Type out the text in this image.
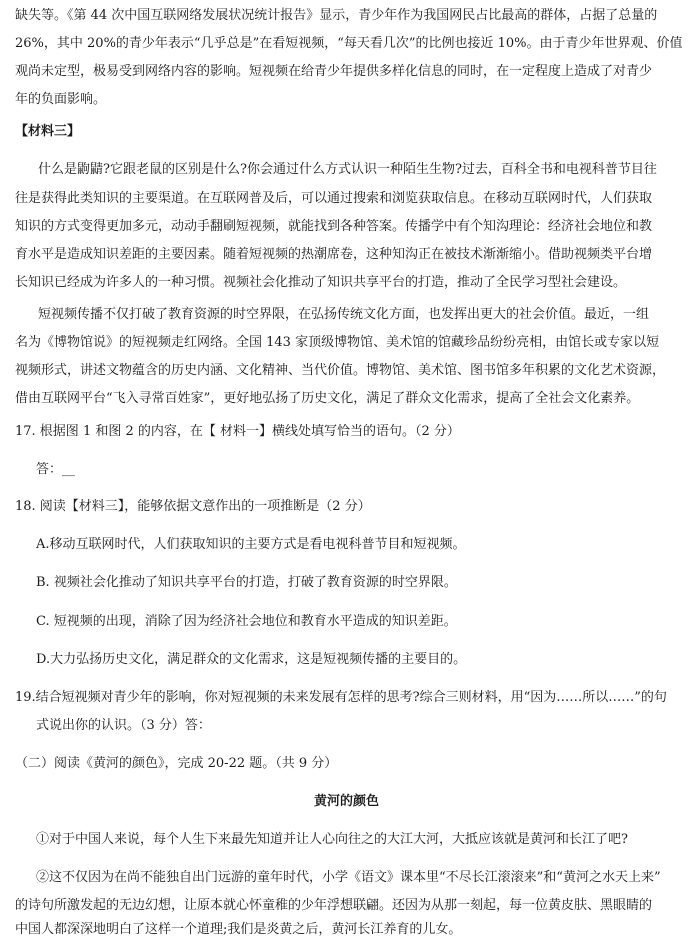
缺失等。《第 44 次中国互联网络发展状况统计报告》显示，青少年作为我国网民占比最高的群体，占据了总量的
26%，其中 20%的青少年表示“几乎总是”在看短视频，“每天看几次”的比例也接近 10%。由于青少年世界观、价值
观尚未定型，极易受到网络内容的影响。短视频在给青少年提供多样化信息的同时，在一定程度上造成了对青少
年的负面影响。
【材料三】
什么是鼩鼱?它跟老鼠的区别是什么?你会通过什么方式认识一种陌生生物?过去，百科全书和电视科普节目往
往是获得此类知识的主要渠道。在互联网普及后，可以通过搜索和浏览获取信息。在移动互联网时代，人们获取
知识的方式变得更加多元，动动手翻刷短视频，就能找到各种答案。传播学中有个知沟理论：经济社会地位和教
育水平是造成知识差距的主要因素。随着短视频的热潮席卷，这种知沟正在被技术渐渐缩小。借助视频类平台增
长知识已经成为许多人的一种习惯。视频社会化推动了知识共享平台的打造，推动了全民学习型社会建设。
短视频传播不仅打破了教育资源的时空界限，在弘扬传统文化方面，也发挥出更大的社会价值。最近，一组
名为《博物馆说》的短视频走红网络。全国 143 家顶级博物馆、美术馆的馆藏珍品纷纷亮相，由馆长或专家以短
视频形式，讲述文物蕴含的历史内涵、文化精神、当代价值。博物馆、美术馆、图书馆多年积累的文化艺术资源，
借由互联网平台“飞入寻常百姓家”，更好地弘扬了历史文化，满足了群众文化需求，提高了全社会文化素养。
17. 根据图 1 和图 2 的内容，在【 材料一】横线处填写恰当的语句。（2 分）
答：__
18. 阅读【材料三】，能够依据文意作出的一项推断是（2 分）
A.移动互联网时代，人们获取知识的主要方式是看电视科普节目和短视频。
B. 视频社会化推动了知识共享平台的打造，打破了教育资源的时空界限。
C. 短视频的出现，消除了因为经济社会地位和教育水平造成的知识差距。
D.大力弘扬历史文化，满足群众的文化需求，这是短视频传播的主要目的。
19.结合短视频对青少年的影响，你对短视频的未来发展有怎样的思考?综合三则材料，用“因为……所以……”的句
式说出你的认识。（3 分）答：
（二）阅读《黄河的颜色》，完成 20-22 题。（共 9 分）
黄河的颜色
①对于中国人来说，每个人生下来最先知道并让人心向往之的大江大河，大抵应该就是黄河和长江了吧?
②这不仅因为在尚不能独自出门远游的童年时代，小学《语文》课本里“不尽长江滚滚来”和“黄河之水天上来”
的诗句所激发起的无边幻想，让原本就心怀童稚的少年浮想联翩。还因为从那一刻起，每一位黄皮肤、黑眼睛的
中国人都深深地明白了这样一个道理;我们是炎黄之后，黄河长江养育的儿女。
